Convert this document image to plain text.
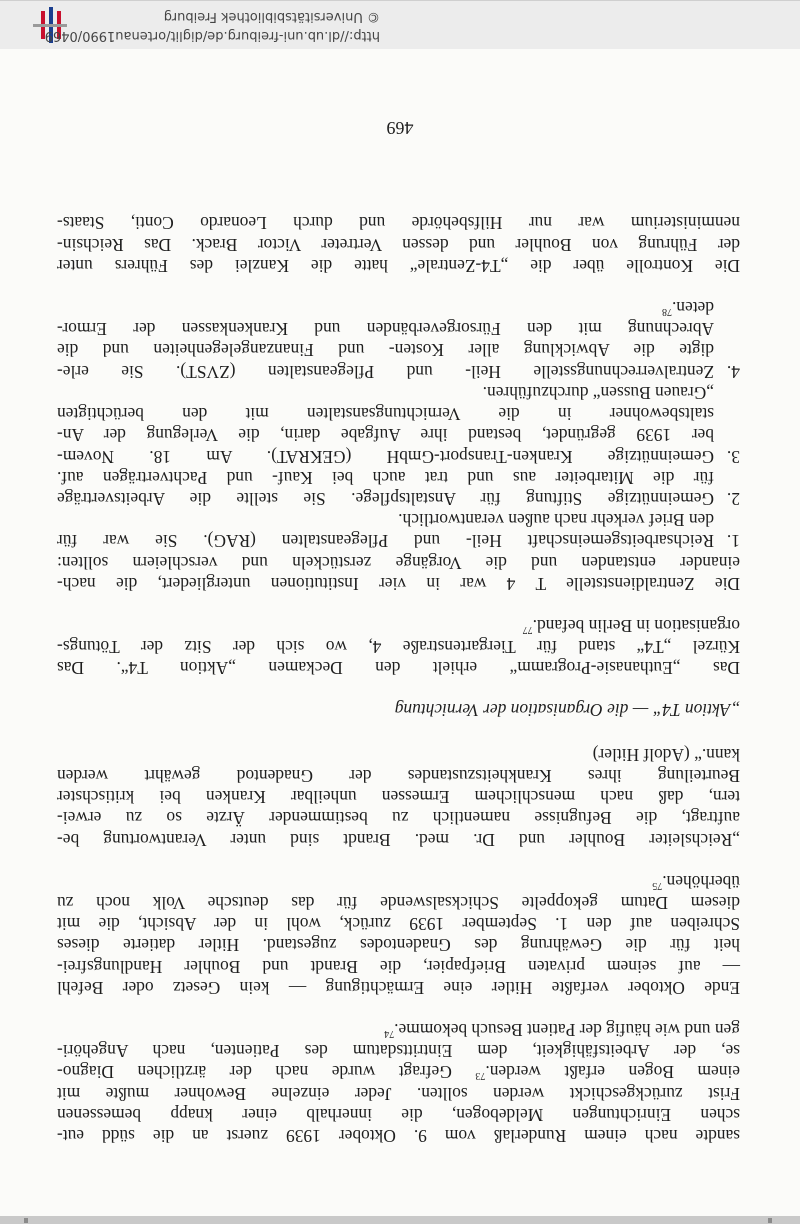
sandte nach einem Runderlaß vom 9. Oktober 1939 zuerst an die südd eut-
schen Einrichtungen Meldebogen, die innerhalb einer knapp bemessenen
Frist zurückgeschickt werden sollten. Jeder einzelne Bewohner mußte mit
einem Bogen erfaßt werden.$^{73}$ Gefragt wurde nach der ärztlichen Diagno-
se, der Arbeitsfähigkeit, dem Eintrittsdatum des Patienten, nach Angehöri-
gen und wie häufig der Patient Besuch bekomme.$^{74}$

Ende Oktober verfaßte Hitler eine Ermächtigung — kein Gesetz oder Befehl
— auf seinem privaten Briefpapier, die Brandt und Bouhler Handlungsfrei-
heit für die Gewährung des Gnadentodes zugestand. Hitler datierte dieses
Schreiben auf den 1. September 1939 zurück, wohl in der Absicht, die mit
diesem Datum gekoppelte Schicksalswende für das deutsche Volk noch zu
überhöhen.$^{75}$

„Reichsleiter Bouhler und Dr. med. Brandt sind unter Verantwortung be-
auftragt, die Befugnisse namentlich zu bestimmender Ärzte so zu erwei-
tern, daß nach menschlichem Ermessen unheilbar Kranken bei kritischster
Beurteilung ihres Krankheitszustandes der Gnadentod gewährt werden
kann.“ (Adolf Hitler)

„Aktion T4“ — die Organisation der Vernichtung

Das „Euthanasie-Programm“ erhielt den Deckamen „Aktion T4“. Das
Kürzel „T4“ stand für Tiergartenstraße 4, wo sich der Sitz der Tötungs-
organisation in Berlin befand.$^{77}$

Die Zentraldienststelle T 4 war in vier Institutionen untergliedert, die nach-
einander entstanden und die Vorgänge zerstückeln und verschleiern sollten:

1.
Reichsarbeitsgemeinschaft Heil- und Pflegeanstalten (RAG). Sie war für
den Brief verkehr nach außen verantwortlich.
2.
Gemeinnützige Stiftung für Anstaltspflege. Sie stellte die Arbeitsverträge
für die Mitarbeiter aus und trat auch bei Kauf- und Pachtverträgen auf.
3.
Gemeinnützige Kranken-Transport-GmbH (GEKRAT). Am 18. Novem-
ber 1939 gegründet, bestand ihre Aufgabe darin, die Verlegung der An-
staltsbewohner in die Vernichtungsanstalten mit den berüchtigten
„Grauen Bussen“ durchzuführen.
4.
Zentralverrechnungsstelle Heil- und Pflegeanstalten (ZVST). Sie erle-
digte die Abwicklung aller Kosten- und Finanzangelegenheiten und die
Abrechnung mit den Fürsorgeverbänden und Krankenkassen der Ermor-
deten.$^{78}$

Die Kontrolle über die „T4-Zentrale“ hatte die Kanzlei des Führers unter
der Führung von Bouhler und dessen Vertreter Victor Brack. Das Reichsin-
nenministerium war nur Hilfsbehörde und durch Leonardo Conti, Staats-

469
http://dl.ub.uni-freiburg.de/diglit/ortenau1990/0469
© Universitätsbibliothek Freiburg
